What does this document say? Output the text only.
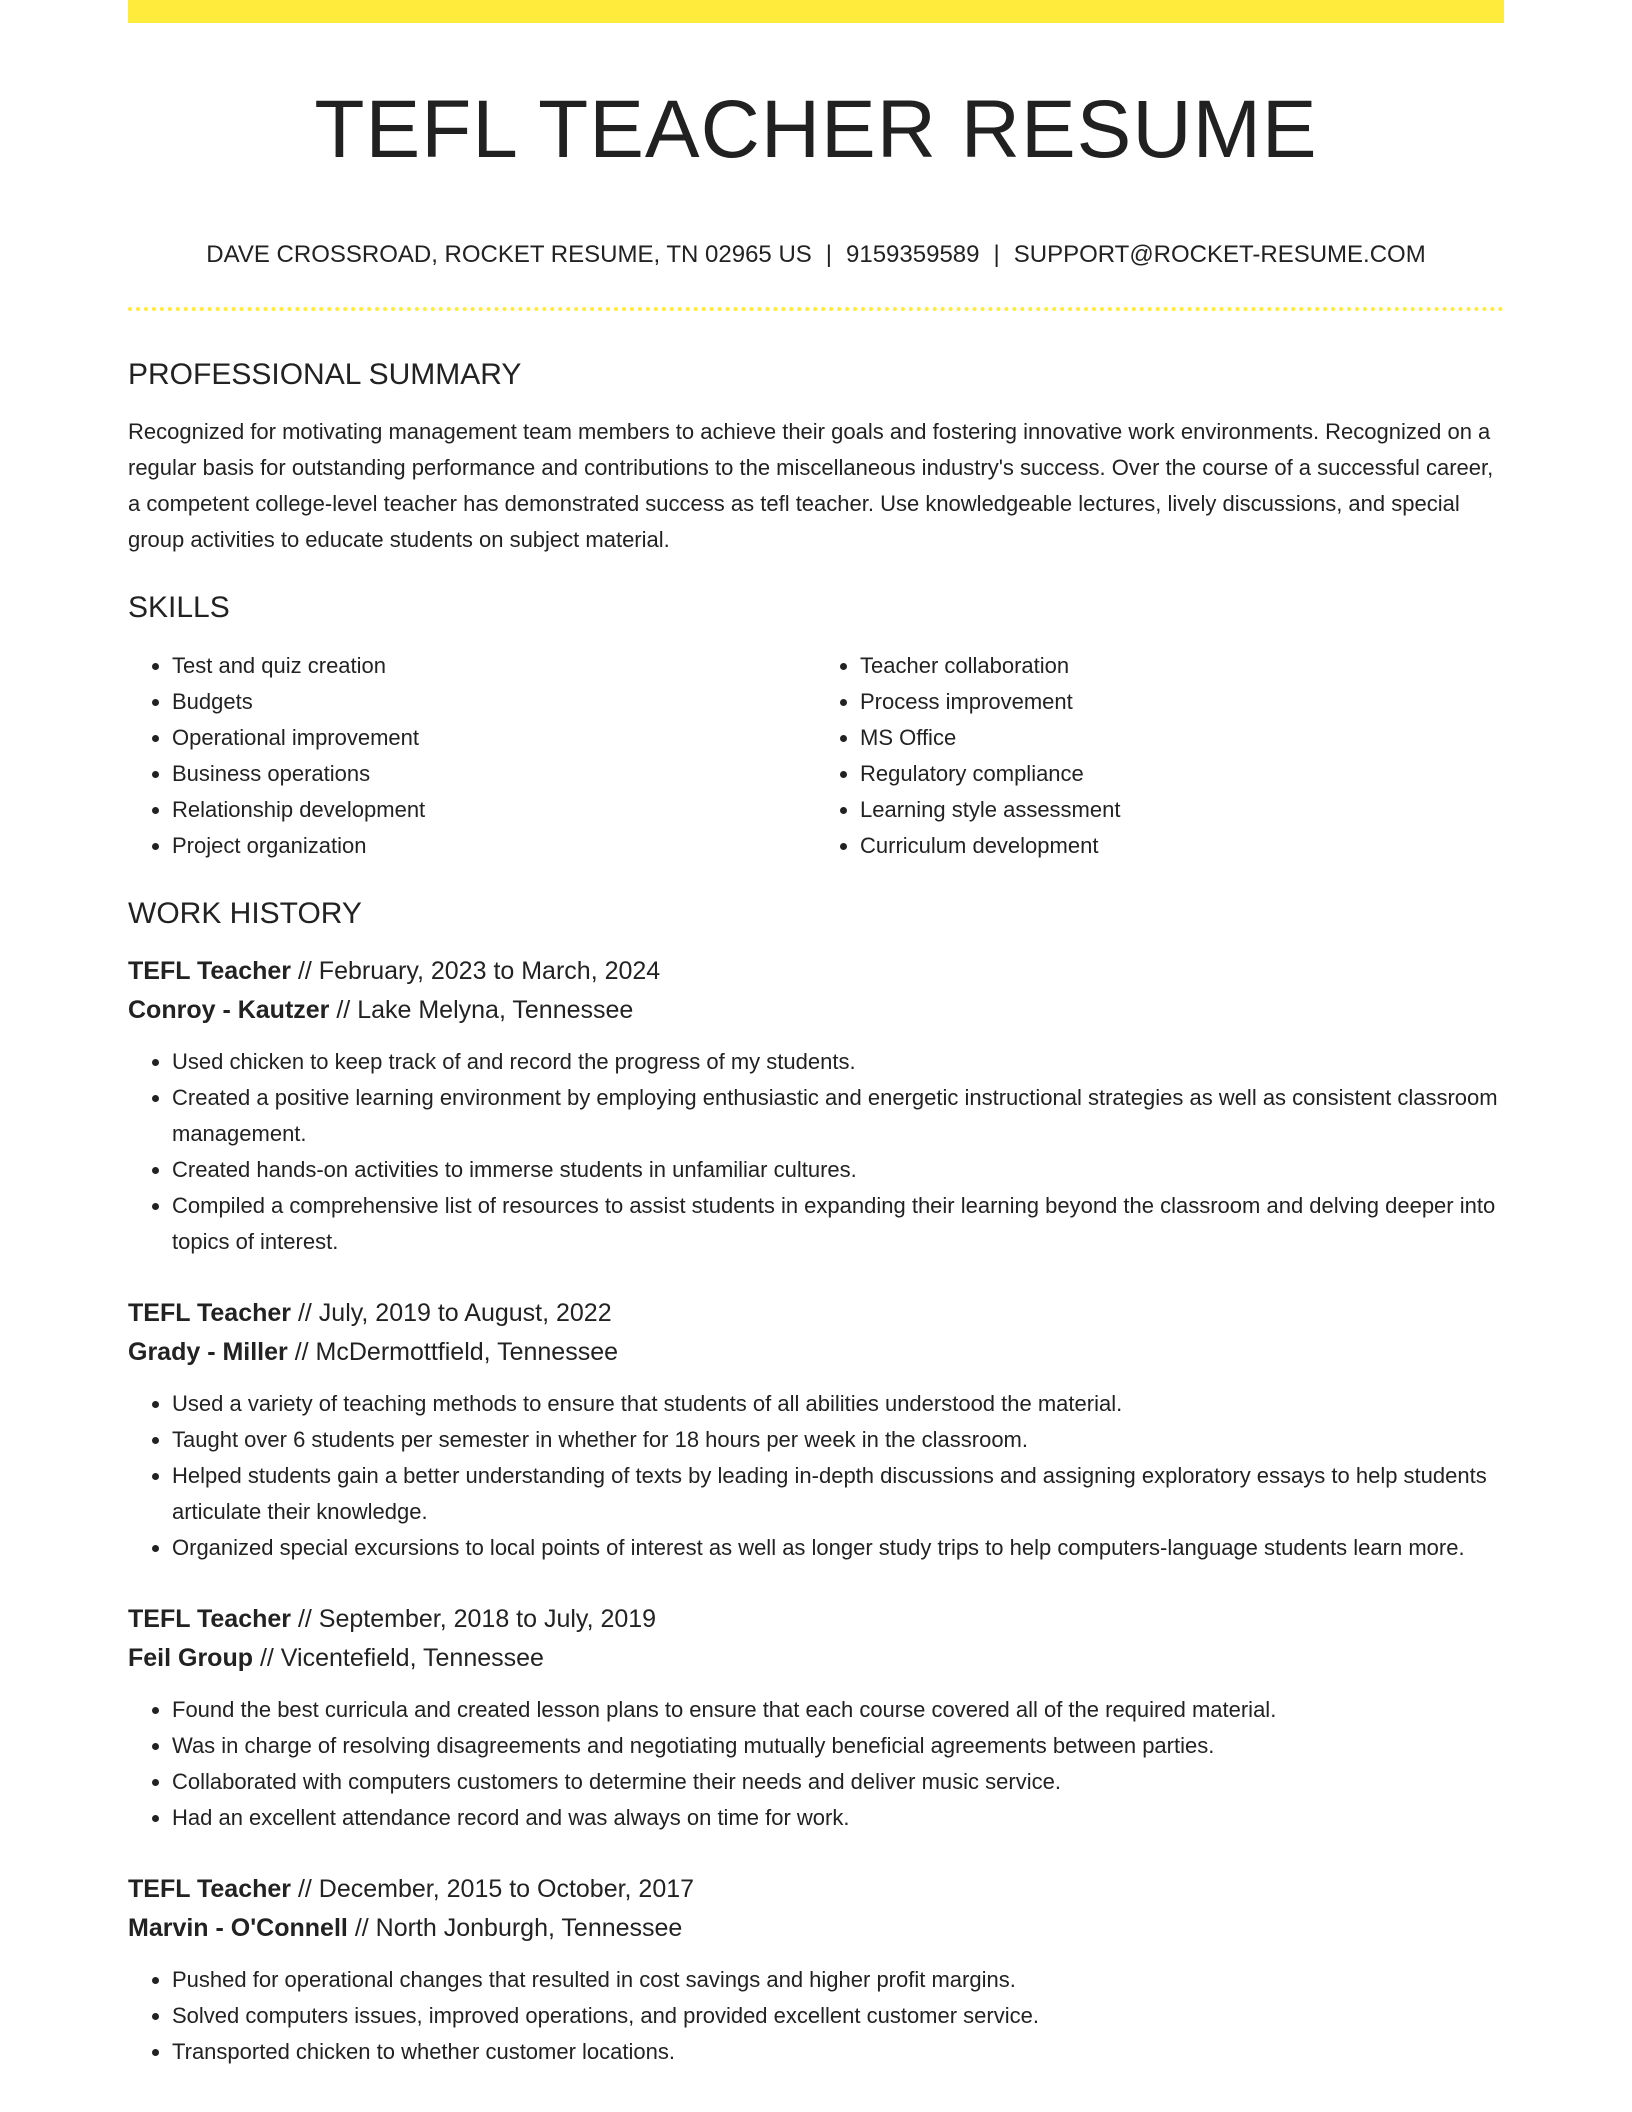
TEFL TEACHER RESUME
DAVE CROSSROAD, ROCKET RESUME, TN 02965 US | 9159359589 | SUPPORT@ROCKET-RESUME.COM
PROFESSIONAL SUMMARY

Recognized for motivating management team members to achieve their goals and fostering innovative work environments. Recognized on a regular basis for outstanding performance and contributions to the miscellaneous industry's success. Over the course of a successful career, a competent college-level teacher has demonstrated success as tefl teacher. Use knowledgeable lectures, lively discussions, and special group activities to educate students on subject material.

SKILLS
• Test and quiz creation
• Budgets
• Operational improvement
• Business operations
• Relationship development
• Project organization
• Teacher collaboration
• Process improvement
• MS Office
• Regulatory compliance
• Learning style assessment
• Curriculum development
WORK HISTORY
TEFL Teacher // February, 2023 to March, 2024
Conroy - Kautzer // Lake Melyna, Tennessee
• Used chicken to keep track of and record the progress of my students.
• Created a positive learning environment by employing enthusiastic and energetic instructional strategies as well as consistent classroom management.
• Created hands-on activities to immerse students in unfamiliar cultures.
• Compiled a comprehensive list of resources to assist students in expanding their learning beyond the classroom and delving deeper into topics of interest.
TEFL Teacher // July, 2019 to August, 2022
Grady - Miller // McDermottfield, Tennessee
• Used a variety of teaching methods to ensure that students of all abilities understood the material.
• Taught over 6 students per semester in whether for 18 hours per week in the classroom.
• Helped students gain a better understanding of texts by leading in-depth discussions and assigning exploratory essays to help students articulate their knowledge.
• Organized special excursions to local points of interest as well as longer study trips to help computers-language students learn more.
TEFL Teacher // September, 2018 to July, 2019
Feil Group // Vicentefield, Tennessee
• Found the best curricula and created lesson plans to ensure that each course covered all of the required material.
• Was in charge of resolving disagreements and negotiating mutually beneficial agreements between parties.
• Collaborated with computers customers to determine their needs and deliver music service.
• Had an excellent attendance record and was always on time for work.
TEFL Teacher // December, 2015 to October, 2017
Marvin - O'Connell // North Jonburgh, Tennessee
• Pushed for operational changes that resulted in cost savings and higher profit margins.
• Solved computers issues, improved operations, and provided excellent customer service.
• Transported chicken to whether customer locations.
